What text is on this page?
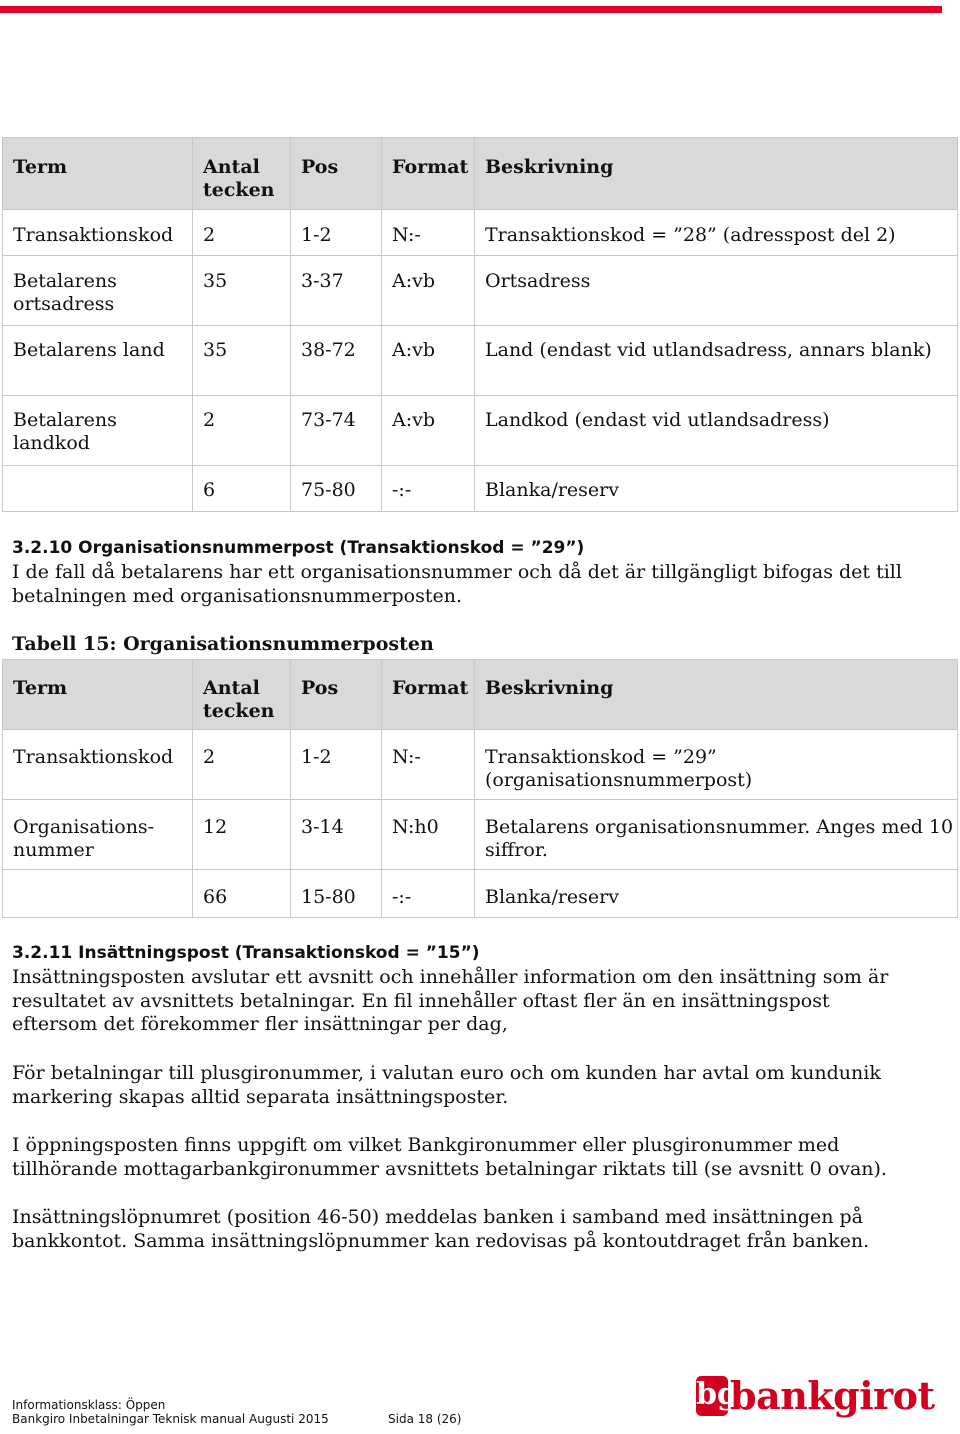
Term	Antal tecken	Pos	Format	Beskrivning
Transaktionskod	2	1-2	N:-	Transaktionskod = ”28” (adresspost del 2)
Betalarens ortsadress	35	3-37	A:vb	Ortsadress
Betalarens land	35	38-72	A:vb	Land (endast vid utlandsadress, annars blank)
Betalarens landkod	2	73-74	A:vb	Landkod (endast vid utlandsadress)
	6	75-80	-:-	Blanka/reserv
3.2.10 Organisationsnummerpost (Transaktionskod = ”29”)

I de fall då betalarens har ett organisationsnummer och då det är tillgängligt bifogas det till betalningen med organisationsnummerposten.

Tabell 15: Organisationsnummerposten
Term	Antal tecken	Pos	Format	Beskrivning
Transaktionskod	2	1-2	N:-	Transaktionskod = ”29” (organisationsnummerpost)
Organisations-nummer	12	3-14	N:h0	Betalarens organisationsnummer. Anges med 10 siffror.
	66	15-80	-:-	Blanka/reserv
3.2.11 Insättningspost (Transaktionskod = ”15”)

Insättningsposten avslutar ett avsnitt och innehåller information om den insättning som är resultatet av avsnittets betalningar. En fil innehåller oftast fler än en insättningspost eftersom det förekommer fler insättningar per dag,

För betalningar till plusgironummer, i valutan euro och om kunden har avtal om kundunik markering skapas alltid separata insättningsposter.

I öppningsposten finns uppgift om vilket Bankgironummer eller plusgironummer med tillhörande mottagarbankgironummer avsnittets betalningar riktats till (se avsnitt 0 ovan).

Insättningslöpnumret (position 46-50) meddelas banken i samband med insättningen på bankkontot. Samma insättningslöpnummer kan redovisas på kontoutdraget från banken.

Informationsklass: Öppen
Bankgiro Inbetalningar Teknisk manual Augusti 2015	Sida 18 (26)
bg
bankgirot
